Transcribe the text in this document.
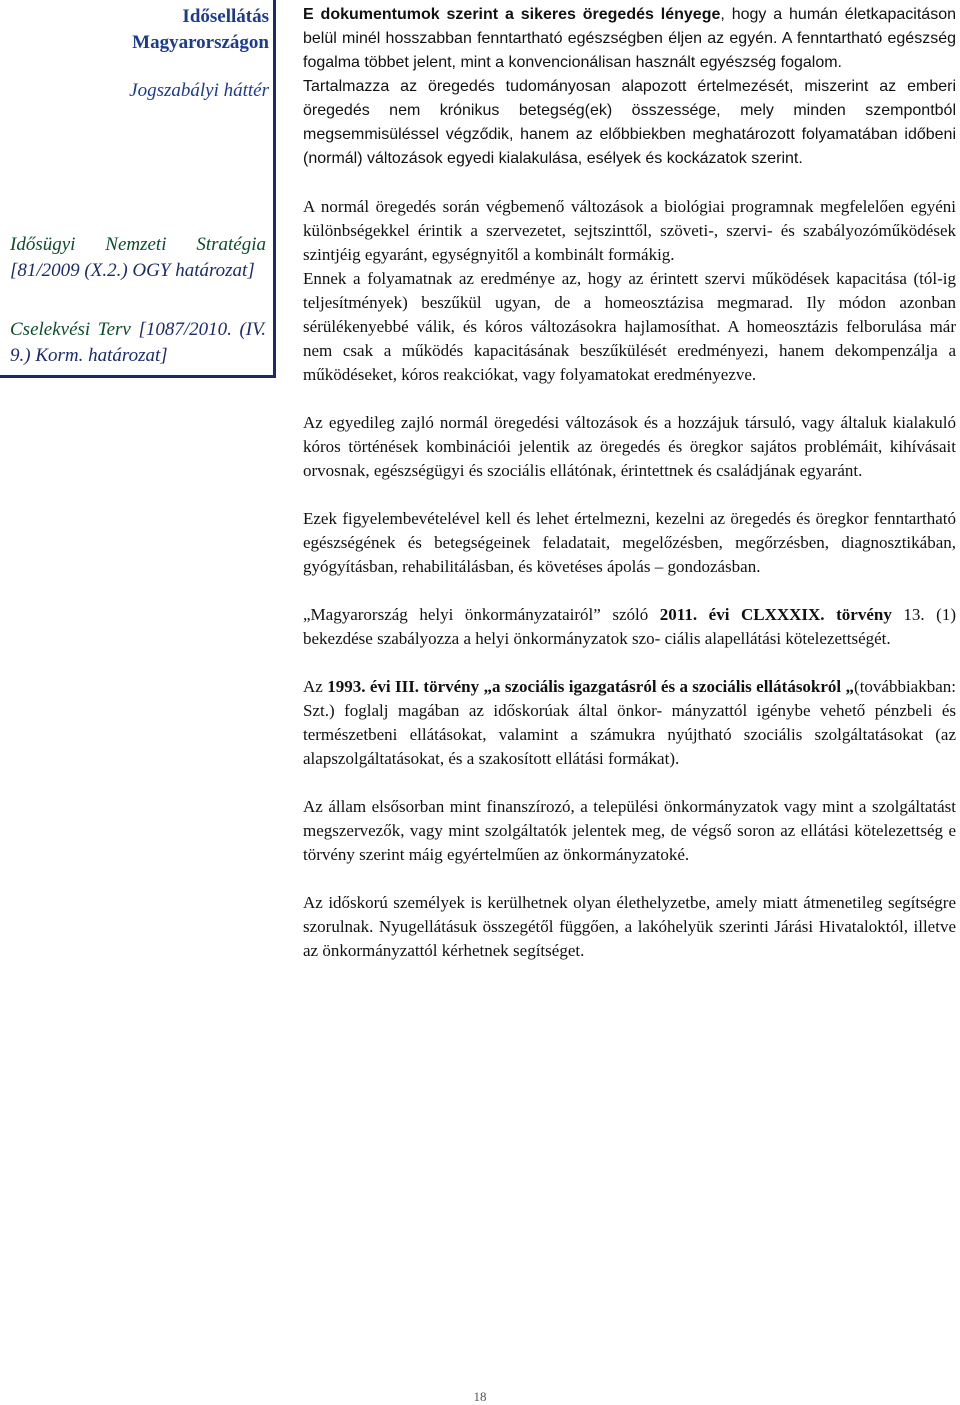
Idősellátás
Magyarországon
Jogszabályi háttér
Idősügyi Nemzeti Stratégia [81/2009 (X.2.) OGY határozat]
Cselekvési Terv [1087/2010. (IV. 9.) Korm. határozat]

E dokumentumok szerint a sikeres öregedés lényege, hogy a humán életkapacitáson belül minél hosszabban fenntartható egészségben éljen az egyén. A fenntartható egészség fogalma többet jelent, mint a konvencionálisan használt egyészség fogalom.

Tartalmazza az öregedés tudományosan alapozott értelmezését, miszerint az emberi öregedés nem krónikus betegség(ek) összessége, mely minden szempontból megsemmisüléssel végződik, hanem az előbbiekben meghatározott folyamatában időbeni (normál) változások egyedi kialakulása, esélyek és kockázatok szerint.

A normál öregedés során végbemenő változások a biológiai programnak megfelelően egyéni különbségekkel érintik a szervezetet, sejtszinttől, szöveti-, szervi- és szabályozóműködések szintjéig egyaránt, egységnyitől a kombinált formákig.

Ennek a folyamatnak az eredménye az, hogy az érintett szervi működések kapacitása (tól-ig teljesítmények) beszűkül ugyan, de a homeosztázisa megmarad. Ily módon azonban sérülékenyebbé válik, és kóros változásokra hajlamosíthat. A homeosztázis felborulása már nem csak a működés kapacitásának beszűkülését eredményezi, hanem dekompenzálja a működéseket, kóros reakciókat, vagy folyamatokat eredményezve.

Az egyedileg zajló normál öregedési változások és a hozzájuk társuló, vagy általuk kialakuló kóros történések kombinációi jelentik az öregedés és öregkor sajátos problémáit, kihívásait orvosnak, egészségügyi és szociális ellátónak, érintettnek és családjának egyaránt.

Ezek figyelembevételével kell és lehet értelmezni, kezelni az öregedés és öregkor fenntartható egészségének és betegségeinek feladatait, megelőzésben, megőrzésben, diagnosztikában, gyógyításban, rehabilitálásban, és követéses ápolás – gondozásban.

„Magyarország helyi önkormányzatairól” szóló 2011. évi CLXXXIX. törvény 13. (1) bekezdése szabályozza a helyi önkormányzatok szo- ciális alapellátási kötelezettségét.

Az 1993. évi III. törvény „a szociális igazgatásról és a szociális ellátásokról „(továbbiakban: Szt.) foglalj magában az időskorúak által önkor- mányzattól igénybe vehető pénzbeli és természetbeni ellátásokat, valamint a számukra nyújtható szociális szolgáltatásokat (az alapszolgáltatásokat, és a szakosított ellátási formákat).

Az állam elsősorban mint finanszírozó, a települési önkormányzatok vagy mint a szolgáltatást megszervezők, vagy mint szolgáltatók jelentek meg, de végső soron az ellátási kötelezettség e törvény szerint máig egyértelműen az önkormányzatoké.

Az időskorú személyek is kerülhetnek olyan élethelyzetbe, amely miatt átmenetileg segítségre szorulnak. Nyugellátásuk összegétől függően, a lakóhelyük szerinti Járási Hivataloktól, illetve az önkormányzattól kérhetnek segítséget.

18
